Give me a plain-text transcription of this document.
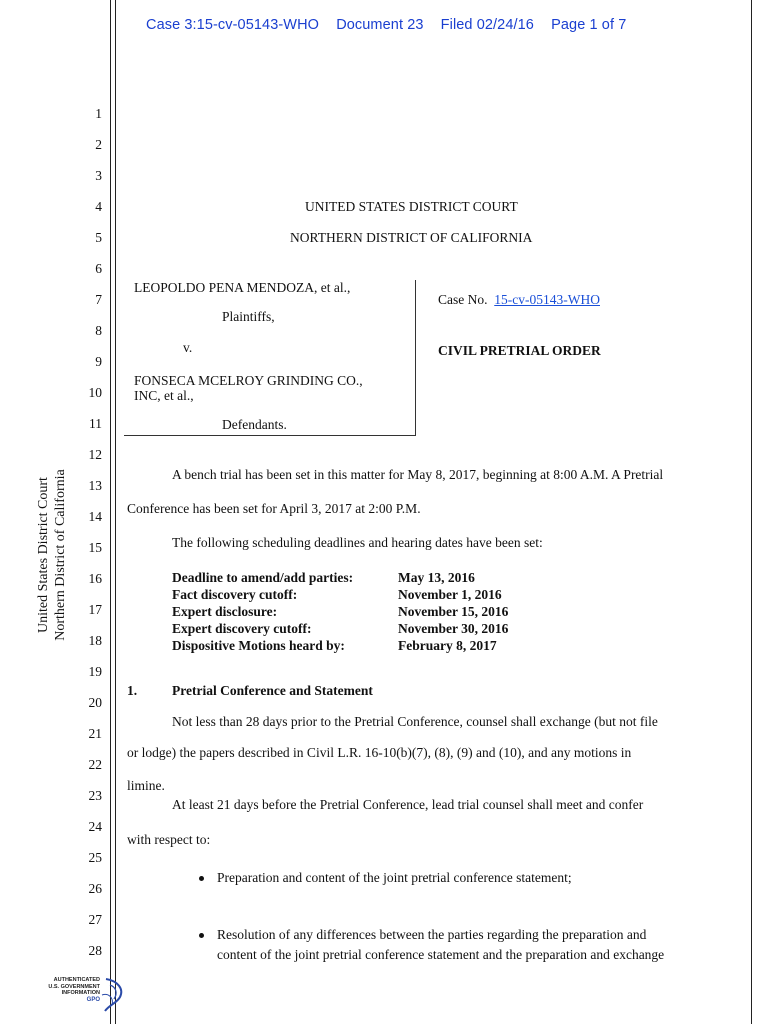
Case 3:15-cv-05143-WHO Document 23 Filed 02/24/16 Page 1 of 7
1
2
3
4
5
6
7
8
9
10
11
12
13
14
15
16
17
18
19
20
21
22
23
24
25
26
27
28
United States District Court Northern District of California
UNITED STATES DISTRICT COURT
NORTHERN DISTRICT OF CALIFORNIA
LEOPOLDO PENA MENDOZA, et al.,
Plaintiffs,
v.
FONSECA MCELROY GRINDING CO.,
INC, et al.,
Defendants.
Case No. 15-cv-05143-WHO
CIVIL PRETRIAL ORDER
A bench trial has been set in this matter for May 8, 2017, beginning at 8:00 A.M. A Pretrial
Conference has been set for April 3, 2017 at 2:00 P.M.
The following scheduling deadlines and hearing dates have been set:
Deadline to amend/add parties:	May 13, 2016
Fact discovery cutoff:	November 1, 2016
Expert disclosure:	November 15, 2016
Expert discovery cutoff:	November 30, 2016
Dispositive Motions heard by:	February 8, 2017
1.	Pretrial Conference and Statement
Not less than 28 days prior to the Pretrial Conference, counsel shall exchange (but not file
or lodge) the papers described in Civil L.R. 16-10(b)(7), (8), (9) and (10), and any motions in
limine.
At least 21 days before the Pretrial Conference, lead trial counsel shall meet and confer
with respect to:
Preparation and content of the joint pretrial conference statement;
Resolution of any differences between the parties regarding the preparation and
content of the joint pretrial conference statement and the preparation and exchange
AUTHENTICATED
U.S. GOVERNMENT
INFORMATION
GPO
